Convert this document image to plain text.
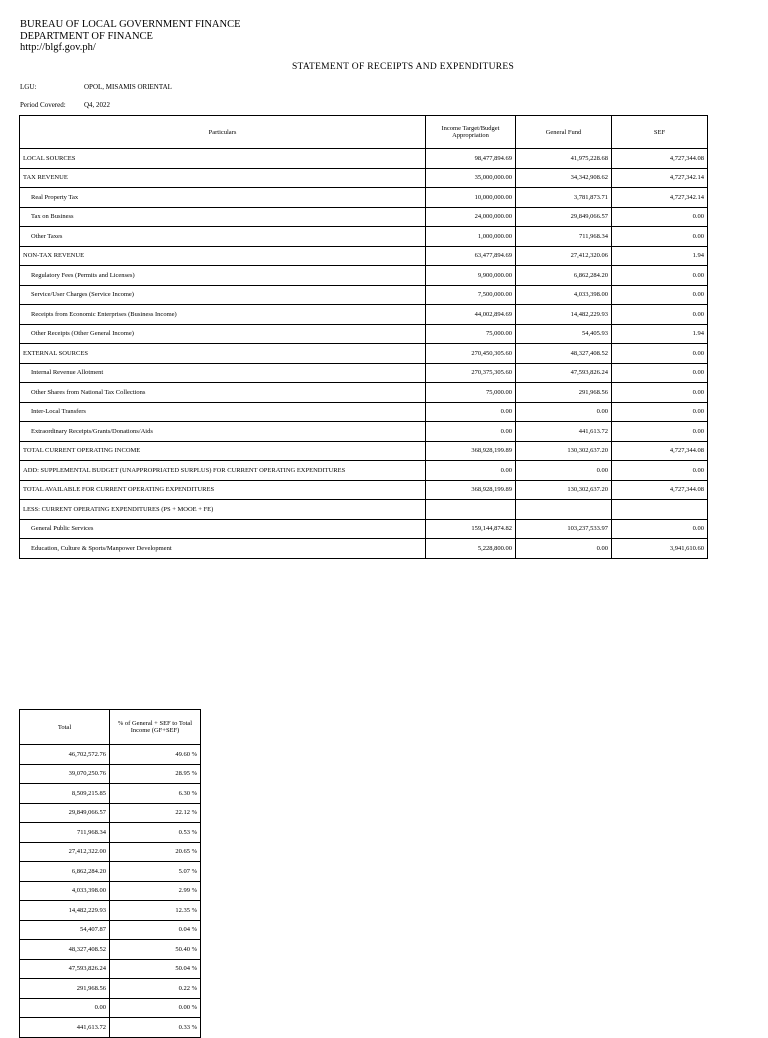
BUREAU OF LOCAL GOVERNMENT FINANCE
DEPARTMENT OF FINANCE
http://blgf.gov.ph/
STATEMENT OF RECEIPTS AND EXPENDITURES
LGU:	OPOL, MISAMIS ORIENTAL
Period Covered:	Q4, 2022
Particulars	Income Target/Budget Appropriation	General Fund	SEF
LOCAL SOURCES	98,477,894.69	41,975,228.68	4,727,344.08
TAX REVENUE	35,000,000.00	34,342,908.62	4,727,342.14
Real Property Tax	10,000,000.00	3,781,873.71	4,727,342.14
Tax on Business	24,000,000.00	29,849,066.57	0.00
Other Taxes	1,000,000.00	711,968.34	0.00
NON-TAX REVENUE	63,477,894.69	27,412,320.06	1.94
Regulatory Fees (Permits and Licenses)	9,900,000.00	6,862,284.20	0.00
Service/User Charges (Service Income)	7,500,000.00	4,033,398.00	0.00
Receipts from Economic Enterprises (Business Income)	44,002,894.69	14,482,229.93	0.00
Other Receipts (Other General Income)	75,000.00	54,405.93	1.94
EXTERNAL SOURCES	270,450,305.60	48,327,408.52	0.00
Internal Revenue Allotment	270,375,305.60	47,593,826.24	0.00
Other Shares from National Tax Collections	75,000.00	291,968.56	0.00
Inter-Local Transfers	0.00	0.00	0.00
Extraordinary Receipts/Grants/Donations/Aids	0.00	441,613.72	0.00
TOTAL CURRENT OPERATING INCOME	368,928,199.89	130,302,637.20	4,727,344.08
ADD: SUPPLEMENTAL BUDGET (UNAPPROPRIATED SURPLUS) FOR CURRENT OPERATING EXPENDITURES	0.00	0.00	0.00
TOTAL AVAILABLE FOR CURRENT OPERATING EXPENDITURES	368,928,199.89	130,302,637.20	4,727,344.08
LESS: CURRENT OPERATING EXPENDITURES (PS + MOOE + FE)			
General Public Services	159,144,874.82	103,237,533.97	0.00
Education, Culture & Sports/Manpower Development	5,228,800.00	0.00	3,941,610.60
Total	% of General + SEF to Total Income (GF+SEF)
46,702,572.76	49.60 %
39,070,250.76	28.95 %
8,509,215.85	6.30 %
29,849,066.57	22.12 %
711,968.34	0.53 %
27,412,322.00	20.65 %
6,862,284.20	5.07 %
4,033,398.00	2.99 %
14,482,229.93	12.35 %
54,407.87	0.04 %
48,327,408.52	50.40 %
47,593,826.24	50.04 %
291,968.56	0.22 %
0.00	0.00 %
441,613.72	0.33 %
